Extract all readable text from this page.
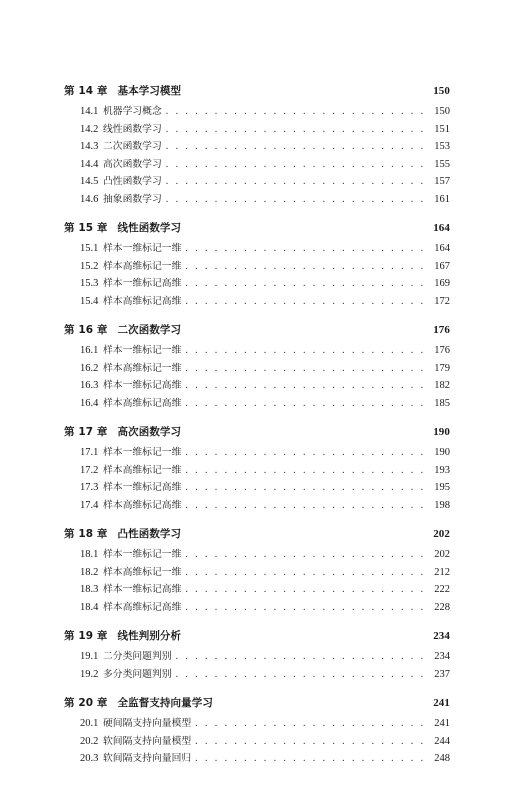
第 14 章 基本学习模型	150
14.1 机器学习概念 . . .	150
14.2 线性函数学习 . . .	151
14.3 二次函数学习 . . .	153
14.4 高次函数学习 . . .	155
14.5 凸性函数学习 . . .	157
14.6 抽象函数学习 . . .	161
第 15 章 线性函数学习	164
15.1 样本一维标记一维 . . .	164
15.2 样本高维标记一维 . . .	167
15.3 样本一维标记高维 . . .	169
15.4 样本高维标记高维 . . .	172
第 16 章 二次函数学习	176
16.1 样本一维标记一维 . . .	176
16.2 样本高维标记一维 . . .	179
16.3 样本一维标记高维 . . .	182
16.4 样本高维标记高维 . . .	185
第 17 章 高次函数学习	190
17.1 样本一维标记一维 . . .	190
17.2 样本高维标记一维 . . .	193
17.3 样本一维标记高维 . . .	195
17.4 样本高维标记高维 . . .	198
第 18 章 凸性函数学习	202
18.1 样本一维标记一维 . . .	202
18.2 样本高维标记一维 . . .	212
18.3 样本一维标记高维 . . .	222
18.4 样本高维标记高维 . . .	228
第 19 章 线性判别分析	234
19.1 二分类问题判别 . . .	234
19.2 多分类问题判别 . . .	237
第 20 章 全监督支持向量学习	241
20.1 硬间隔支持向量模型 . . .	241
20.2 软间隔支持向量模型 . . .	244
20.3 软间隔支持向量回归 . . .	248
